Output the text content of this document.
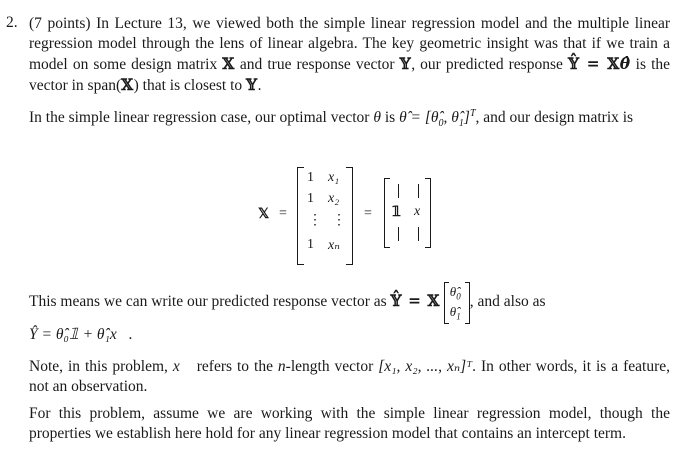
2. (7 points) In Lecture 13, we viewed both the simple linear regression model and the multiple linear regression model through the lens of linear algebra. The key geometric insight was that if we train a model on some design matrix 𝕏 and true response vector 𝕐, our predicted response 𝕐̂ = 𝕏θ̂ is the vector in span(𝕏) that is closest to 𝕐.

In the simple linear regression case, our optimal vector θ is θ̂ = [$\thetâ_0$, $\thetâ_1]^T$, and our design matrix is

𝕏 =
1
1
⋮
1
x₁
x₂
⋮
xₙ
= 𝟙 x⃗

This means we can write our predicted response vector as 𝕐̂ = 𝕏 $\thetâ_0$
$\thetâ_1$
, and also as

Ŷ = θ̂₀𝟙 + θ̂₁x⃗.

Note, in this problem, x⃗ refers to the n-length vector [x₁, x₂, ..., xₙ]ᵀ. In other words, it is a feature, not an observation.

For this problem, assume we are working with the simple linear regression model, though the properties we establish here hold for any linear regression model that contains an intercept term.
